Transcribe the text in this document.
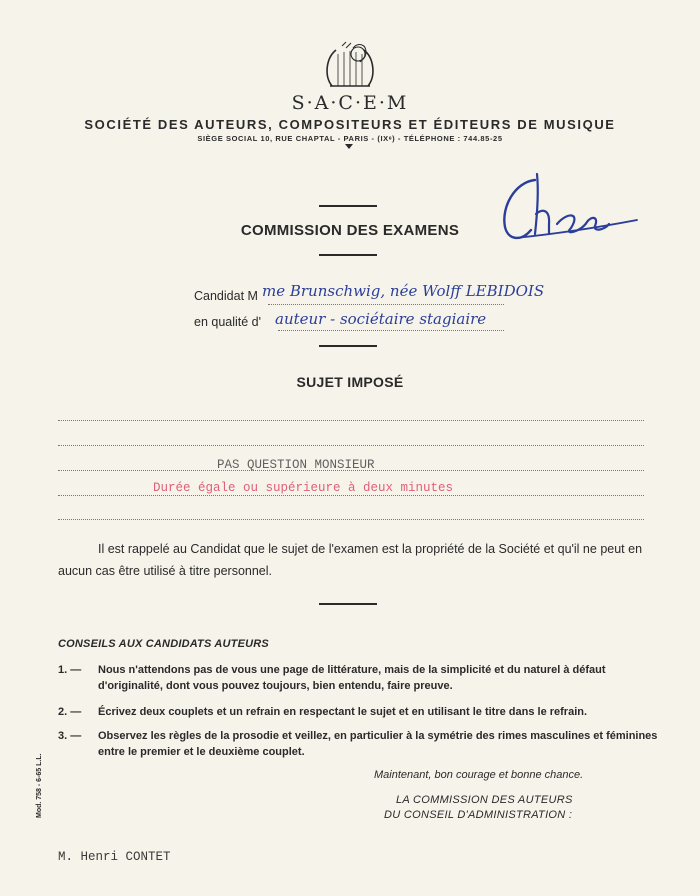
S·A·C·E·M
SOCIÉTÉ DES AUTEURS, COMPOSITEURS ET ÉDITEURS DE MUSIQUE
SIÈGE SOCIAL 10, RUE CHAPTAL - PARIS - (IXᵉ) - TÉLÉPHONE : 744.85-25
COMMISSION DES EXAMENS
Candidat M me Brunschwig, née Wolff LEBIDOIS
en qualité d' auteur - sociétaire stagiaire
SUJET IMPOSÉ
PAS QUESTION MONSIEUR
Durée égale ou supérieure à deux minutes
Il est rappelé au Candidat que le sujet de l'examen est la propriété de la Société et qu'il ne peut en aucun cas être utilisé à titre personnel.
CONSEILS AUX CANDIDATS AUTEURS
1. — Nous n'attendons pas de vous une page de littérature, mais de la simplicité et du naturel à défaut d'originalité, dont vous pouvez toujours, bien entendu, faire preuve.
2. — Écrivez deux couplets et un refrain en respectant le sujet et en utilisant le titre dans le refrain.
3. — Observez les règles de la prosodie et veillez, en particulier à la symétrie des rimes masculines et féminines entre le premier et le deuxième couplet.
Maintenant, bon courage et bonne chance.
LA COMMISSION DES AUTEURS
DU CONSEIL D'ADMINISTRATION :
Mod. 758 - 6-65 L.L.
M. Henri CONTET
